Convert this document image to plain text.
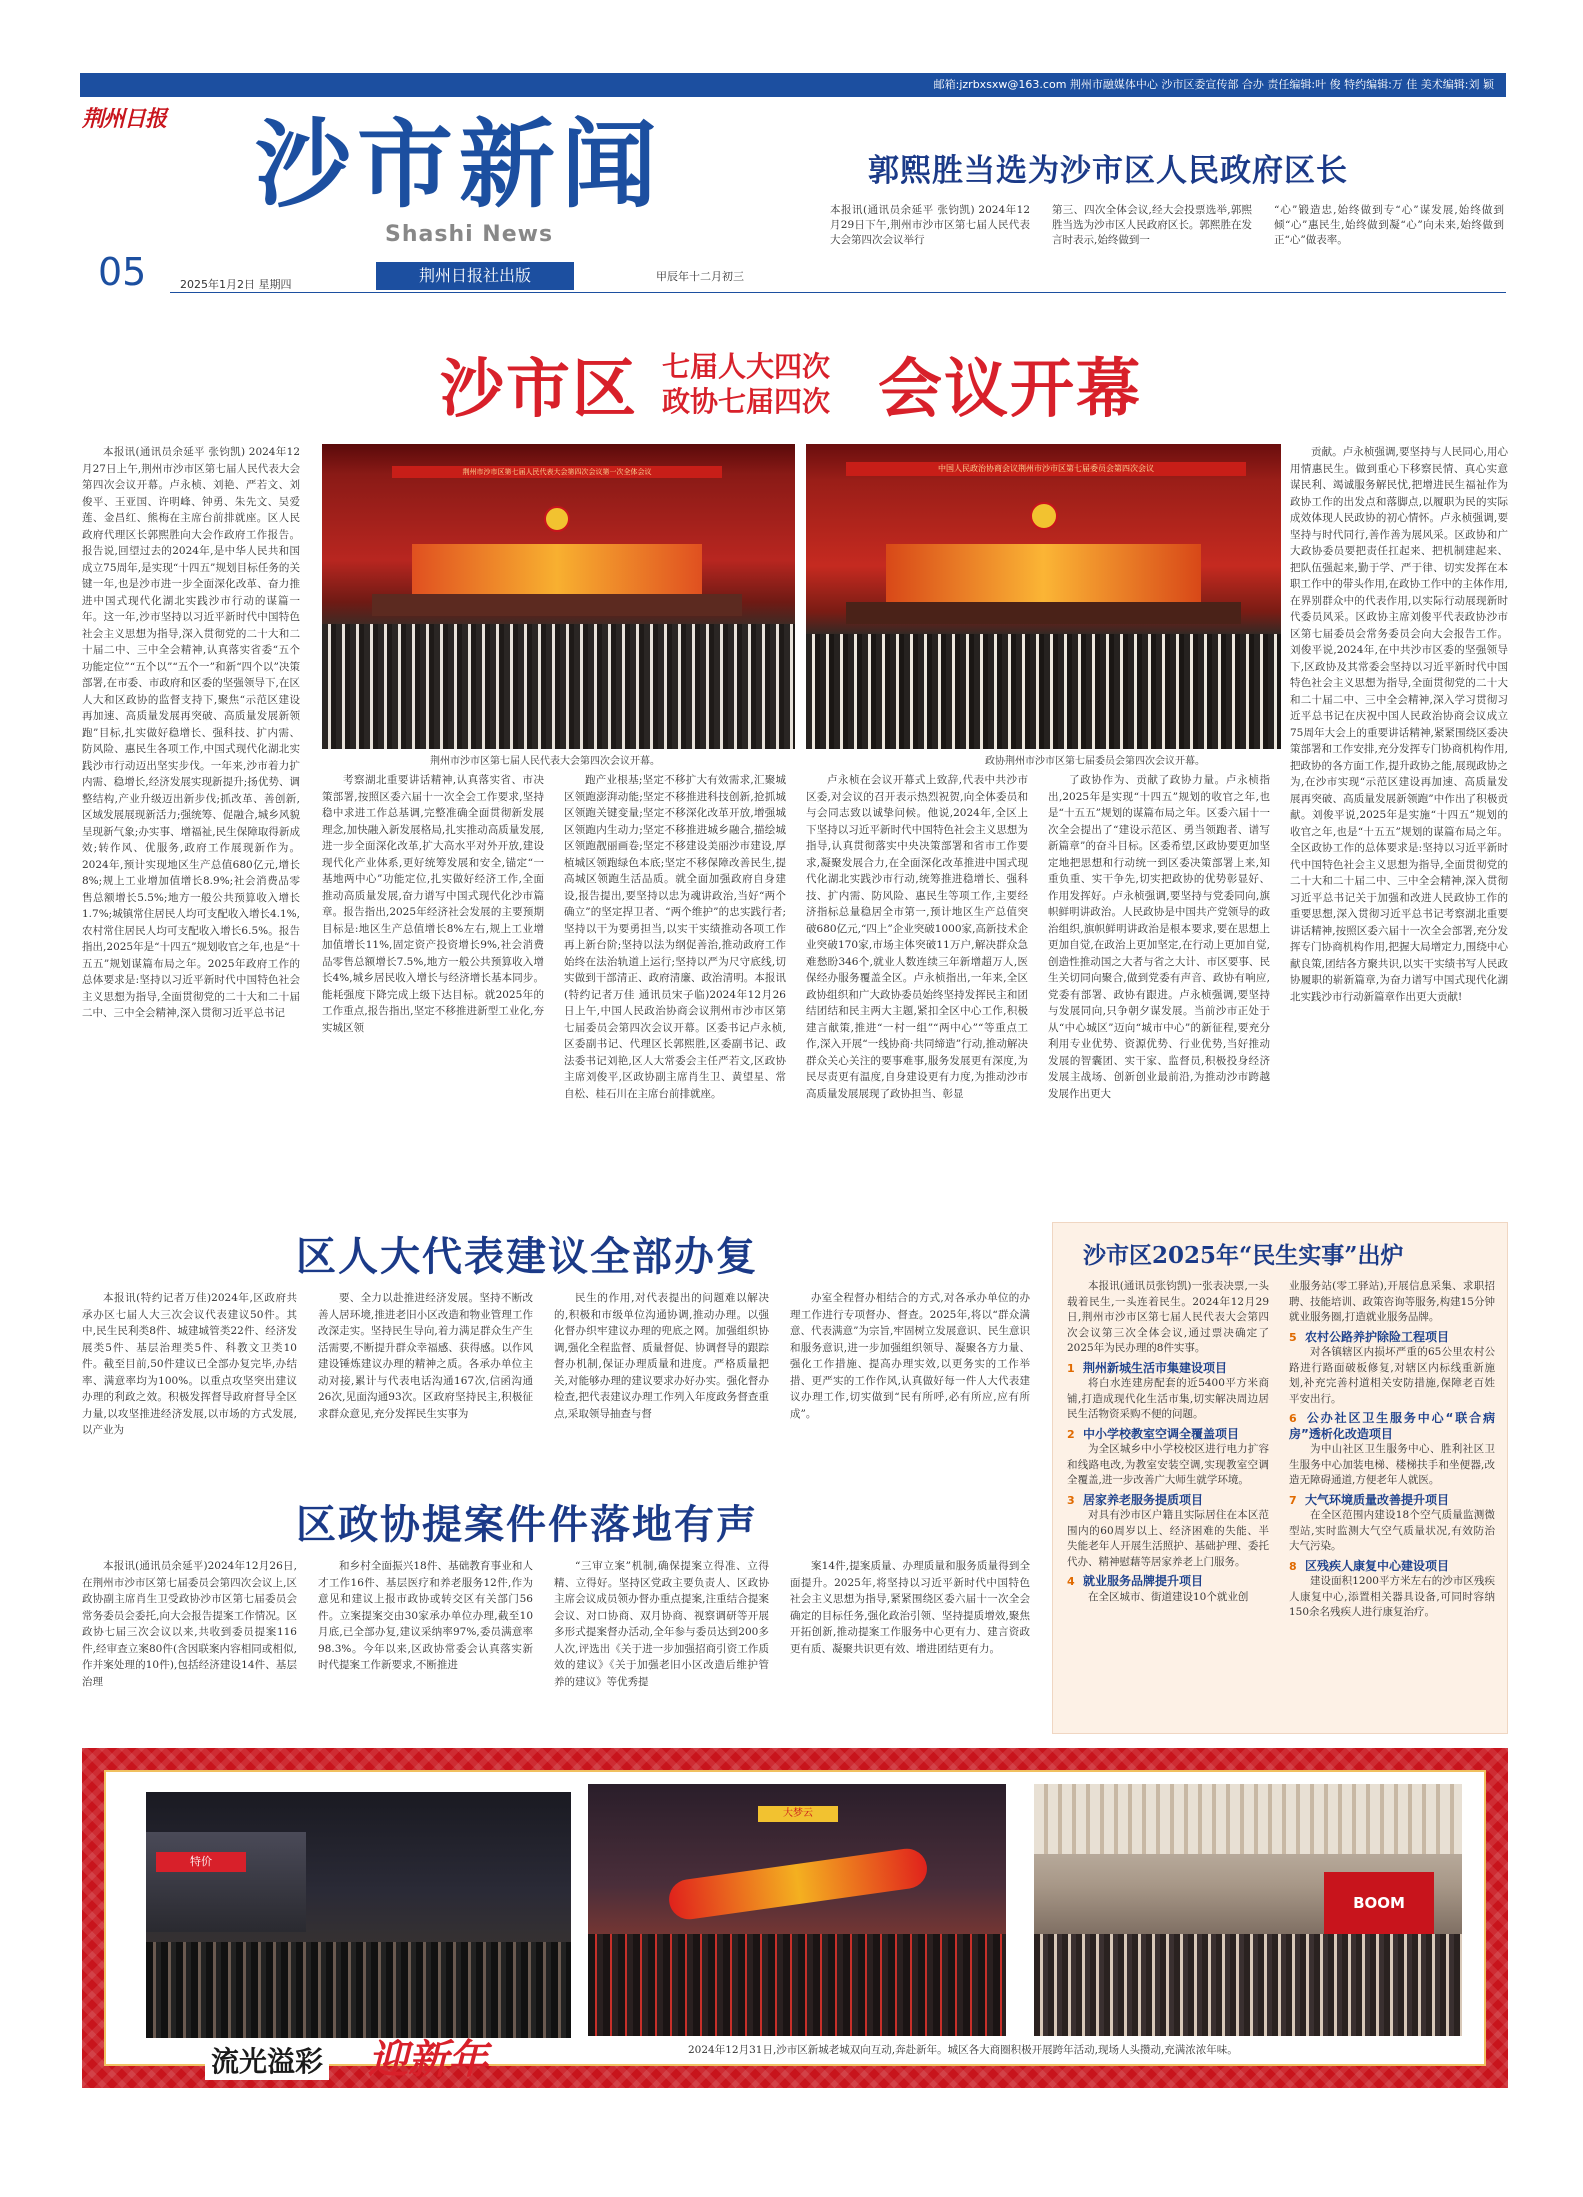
邮箱:jzrbxsxw@163.com 荆州市融媒体中心 沙市区委宣传部 合办 责任编辑:叶 俊 特约编辑:万 佳 美术编辑:刘 颖
荆州日报 沙市新闻
Shashi News
05	2025年1月2日 星期四	荆州日报社出版	甲辰年十二月初三
郭熙胜当选为沙市区人民政府区长
本报讯(通讯员余延平 张钧凯) 2024年12月29日下午,荆州市沙市区第七届人民代表大会第四次会议举行
第三、四次全体会议,经大会投票选举,郭熙胜当选为沙市区人民政府区长。郭熙胜在发言时表示,始终做到一
“心”锻造忠,始终做到专“心”谋发展,始终做到倾“心”惠民生,始终做到凝“心”向未来,始终做到正“心”做表率。
沙市区 七届人大四次
政协七届四次 会议开幕
荆州市沙市区第七届人民代表大会第四次会议第一次全体会议
荆州市沙市区第七届人民代表大会第四次会议开幕。
中国人民政治协商会议荆州市沙市区第七届委员会第四次会议
政协荆州市沙市区第七届委员会第四次会议开幕。

本报讯(通讯员余延平 张钧凯) 2024年12月27日上午,荆州市沙市区第七届人民代表大会第四次会议开幕。卢永桢、刘艳、严若文、刘俊平、王亚国、许明峰、钟勇、朱先文、吴爱莲、金昌红、熊梅在主席台前排就座。区人民政府代理区长郭熙胜向大会作政府工作报告。报告说,回望过去的2024年,是中华人民共和国成立75周年,是实现“十四五”规划目标任务的关键一年,也是沙市进一步全面深化改革、奋力推进中国式现代化湖北实践沙市行动的谋篇一年。这一年,沙市坚持以习近平新时代中国特色社会主义思想为指导,深入贯彻党的二十大和二十届二中、三中全会精神,认真落实省委“五个功能定位”“五个以”“五个一”和新“四个以”决策部署,在市委、市政府和区委的坚强领导下,在区人大和区政协的监督支持下,聚焦“示范区建设再加速、高质量发展再突破、高质量发展新领跑”目标,扎实做好稳增长、强科技、扩内需、防风险、惠民生各项工作,中国式现代化湖北实践沙市行动迈出坚实步伐。一年来,沙市着力扩内需、稳增长,经济发展实现新提升;扬优势、调整结构,产业升级迈出新步伐;抓改革、善创新,区域发展展现新活力;强统筹、促融合,城乡风貌呈现新气象;办实事、增福祉,民生保障取得新成效;转作风、优服务,政府工作展现新作为。2024年,预计实现地区生产总值680亿元,增长8%;规上工业增加值增长8.9%;社会消费品零售总额增长5.5%;地方一般公共预算收入增长1.7%;城镇常住居民人均可支配收入增长4.1%,农村常住居民人均可支配收入增长6.5%。报告指出,2025年是“十四五”规划收官之年,也是“十五五”规划谋篇布局之年。2025年政府工作的总体要求是:坚持以习近平新时代中国特色社会主义思想为指导,全面贯彻党的二十大和二十届二中、三中全会精神,深入贯彻习近平总书记

考察湖北重要讲话精神,认真落实省、市决策部署,按照区委六届十一次全会工作要求,坚持稳中求进工作总基调,完整准确全面贯彻新发展理念,加快融入新发展格局,扎实推动高质量发展,进一步全面深化改革,扩大高水平对外开放,建设现代化产业体系,更好统筹发展和安全,锚定“一基地两中心”功能定位,扎实做好经济工作,全面推动高质量发展,奋力谱写中国式现代化沙市篇章。报告指出,2025年经济社会发展的主要预期目标是:地区生产总值增长8%左右,规上工业增加值增长11%,固定资产投资增长9%,社会消费品零售总额增长7.5%,地方一般公共预算收入增长4%,城乡居民收入增长与经济增长基本同步。能耗强度下降完成上级下达目标。就2025年的工作重点,报告指出,坚定不移推进新型工业化,夯实城区领

跑产业根基;坚定不移扩大有效需求,汇聚城区领跑澎湃动能;坚定不移推进科技创新,抢抓城区领跑关键变量;坚定不移深化改革开放,增强城区领跑内生动力;坚定不移推进城乡融合,描绘城区领跑靓丽画卷;坚定不移建设美丽沙市建设,厚植城区领跑绿色本底;坚定不移保障改善民生,提高城区领跑生活品质。就全面加强政府自身建设,报告提出,要坚持以忠为魂讲政治,当好“两个确立”的坚定捍卫者、“两个维护”的忠实践行者;坚持以干为要勇担当,以实干实绩推动各项工作再上新台阶;坚持以法为纲促善治,推动政府工作始终在法治轨道上运行;坚持以严为尺守底线,切实做到干部清正、政府清廉、政治清明。本报讯(特约记者万佳 通讯员宋子临)2024年12月26日上午,中国人民政治协商会议荆州市沙市区第七届委员会第四次会议开幕。区委书记卢永桢,区委副书记、代理区长郭熙胜,区委副书记、政法委书记刘艳,区人大常委会主任严若文,区政协主席刘俊平,区政协副主席肖生卫、黄望星、常自松、桂石川在主席台前排就座。

卢永桢在会议开幕式上致辞,代表中共沙市区委,对会议的召开表示热烈祝贺,向全体委员和与会同志致以诚挚问候。他说,2024年,全区上下坚持以习近平新时代中国特色社会主义思想为指导,认真贯彻落实中央决策部署和省市工作要求,凝聚发展合力,在全面深化改革推进中国式现代化湖北实践沙市行动,统筹推进稳增长、强科技、扩内需、防风险、惠民生等项工作,主要经济指标总量稳居全市第一,预计地区生产总值突破680亿元,“四上”企业突破1000家,高新技术企业突破170家,市场主体突破11万户,解决群众急难愁盼346个,就业人数连续三年新增超万人,医保经办服务覆盖全区。卢永桢指出,一年来,全区政协组织和广大政协委员始终坚持发挥民主和团结团结和民主两大主题,紧扣全区中心工作,积极建言献策,推进“一村一组”“两中心”“等重点工作,深入开展“一线协商·共同缔造”行动,推动解决群众关心关注的要事难事,服务发展更有深度,为民尽责更有温度,自身建设更有力度,为推动沙市高质量发展展现了政协担当、彰显

了政协作为、贡献了政协力量。卢永桢指出,2025年是实现“十四五”规划的收官之年,也是“十五五”规划的谋篇布局之年。区委六届十一次全会提出了“建设示范区、勇当领跑者、谱写新篇章”的奋斗目标。区委希望,区政协要更加坚定地把思想和行动统一到区委决策部署上来,知重负重、实干争先,切实把政协的优势彰显好、作用发挥好。卢永桢强调,要坚持与党委同向,旗帜鲜明讲政治。人民政协是中国共产党领导的政治组织,旗帜鲜明讲政治是根本要求,要在思想上更加自觉,在政治上更加坚定,在行动上更加自觉,创造性推动国之大者与省之大计、市区要事、民生关切同向聚合,做到党委有声音、政协有响应,党委有部署、政协有跟进。卢永桢强调,要坚持与发展同向,只争朝夕谋发展。当前沙市正处于从“中心城区”迈向“城市中心”的新征程,要充分利用专业优势、资源优势、行业优势,当好推动发展的智囊团、实干家、监督员,积极投身经济发展主战场、创新创业最前沿,为推动沙市跨越发展作出更大

贡献。卢永桢强调,要坚持与人民同心,用心用情惠民生。做到重心下移察民情、真心实意谋民利、竭诚服务解民忧,把增进民生福祉作为政协工作的出发点和落脚点,以履职为民的实际成效体现人民政协的初心情怀。卢永桢强调,要坚持与时代同行,善作善为展风采。区政协和广大政协委员要把责任扛起来、把机制建起来、把队伍强起来,勤于学、严于律、切实发挥在本职工作中的带头作用,在政协工作中的主体作用,在界别群众中的代表作用,以实际行动展现新时代委员风采。区政协主席刘俊平代表政协沙市区第七届委员会常务委员会向大会报告工作。刘俊平说,2024年,在中共沙市区委的坚强领导下,区政协及其常委会坚持以习近平新时代中国特色社会主义思想为指导,全面贯彻党的二十大和二十届二中、三中全会精神,深入学习贯彻习近平总书记在庆祝中国人民政治协商会议成立75周年大会上的重要讲话精神,紧紧围绕区委决策部署和工作安排,充分发挥专门协商机构作用,把政协的各方面工作,提升政协之能,展现政协之为,在沙市实现“示范区建设再加速、高质量发展再突破、高质量发展新领跑”中作出了积极贡献。刘俊平说,2025年是实施“十四五”规划的收官之年,也是“十五五”规划的谋篇布局之年。全区政协工作的总体要求是:坚持以习近平新时代中国特色社会主义思想为指导,全面贯彻党的二十大和二十届二中、三中全会精神,深入贯彻习近平总书记关于加强和改进人民政协工作的重要思想,深入贯彻习近平总书记考察湖北重要讲话精神,按照区委六届十一次全会部署,充分发挥专门协商机构作用,把握大局增定力,围绕中心献良策,团结各方聚共识,以实干实绩书写人民政协履职的崭新篇章,为奋力谱写中国式现代化湖北实践沙市行动新篇章作出更大贡献!

区人大代表建议全部办复

本报讯(特约记者万佳)2024年,区政府共承办区七届人大三次会议代表建议50件。其中,民生民利类8件、城建城管类22件、经济发展类5件、基层治理类5件、科教文卫类10件。截至目前,50件建议已全部办复完毕,办结率、满意率均为100%。以重点攻坚突出建议办理的利政之效。积极发挥督导政府督导全区力量,以攻坚推进经济发展,以市场的方式发展,以产业为

要、全力以赴推进经济发展。坚持不断改善人居环境,推进老旧小区改造和物业管理工作改深走实。坚持民生导向,着力满足群众生产生活需要,不断提升群众幸福感、获得感。以作风建设锤炼建议办理的精神之质。各承办单位主动对接,累计与代表电话沟通167次,信函沟通26次,见面沟通93次。区政府坚持民主,积极征求群众意见,充分发挥民生实事为

民生的作用,对代表提出的问题难以解决的,积极和市级单位沟通协调,推动办理。以强化督办织牢建议办理的兜底之网。加强组织协调,强化全程监督、质量督促、协调督导的跟踪督办机制,保证办理质量和进度。严格质量把关,对能够办理的建议要求办好办实。强化督办检查,把代表建议办理工作列入年度政务督查重点,采取领导抽查与督

办室全程督办相结合的方式,对各承办单位的办理工作进行专项督办、督查。2025年,将以“群众满意、代表满意”为宗旨,牢固树立发展意识、民生意识和服务意识,进一步加强组织领导、凝聚各方力量、强化工作措施、提高办理实效,以更务实的工作举措、更严实的工作作风,认真做好每一件人大代表建议办理工作,切实做到“民有所呼,必有所应,应有所成”。

区政协提案件件落地有声

本报讯(通讯员余延平)2024年12月26日,在荆州市沙市区第七届委员会第四次会议上,区政协副主席肖生卫受政协沙市区第七届委员会常务委员会委托,向大会报告提案工作情况。区政协七届三次会议以来,共收到委员提案116件,经审查立案80件(含因联案内容相同或相似,作并案处理的10件),包括经济建设14件、基层治理

和乡村全面振兴18件、基础教育事业和人才工作16件、基层医疗和养老服务12件,作为意见和建议上报市政协或转交区有关部门56件。立案提案交由30家承办单位办理,截至10月底,已全部办复,建议采纳率97%,委员满意率98.3%。今年以来,区政协常委会认真落实新时代提案工作新要求,不断推进

“三审立案”机制,确保提案立得准、立得精、立得好。坚持区党政主要负责人、区政协主席会议成员领办督办重点提案,注重结合提案会议、对口协商、双月协商、视察调研等开展多形式提案督办活动,全年参与委员达到200多人次,评选出《关于进一步加强招商引资工作质效的建议》《关于加强老旧小区改造后维护管养的建议》等优秀提

案14件,提案质量、办理质量和服务质量得到全面提升。2025年,将坚持以习近平新时代中国特色社会主义思想为指导,紧紧围绕区委六届十一次全会确定的目标任务,强化政治引领、坚持提质增效,聚焦开拓创新,推动提案工作服务中心更有力、建言资政更有质、凝聚共识更有效、增进团结更有力。

沙市区2025年“民生实事”出炉

本报讯(通讯员张钧凯)一张表决票,一头载着民生,一头连着民生。2024年12月29日,荆州市沙市区第七届人民代表大会第四次会议第三次全体会议,通过票决确定了2025年为民办理的8件实事。

1 荆州新城生活市集建设项目

将白水连建房配套的近5400平方米商铺,打造成现代化生活市集,切实解决周边居民生活物资采购不便的问题。

2 中小学校教室空调全覆盖项目

为全区城乡中小学校校区进行电力扩容和线路电改,为教室安装空调,实现教室空调全覆盖,进一步改善广大师生就学环境。

3 居家养老服务提质项目

对具有沙市区户籍且实际居住在本区范围内的60周岁以上、经济困难的失能、半失能老年人开展生活照护、基础护理、委托代办、精神慰藉等居家养老上门服务。

4 就业服务品牌提升项目

在全区城市、街道建设10个就业创

业服务站(零工驿站),开展信息采集、求职招聘、技能培训、政策咨询等服务,构建15分钟就业服务圈,打造就业服务品牌。

5 农村公路养护除险工程项目

对各镇辖区内损坏严重的65公里农村公路进行路面破板修复,对辖区内标线重新施划,补充完善村道相关安防措施,保障老百姓平安出行。

6 公办社区卫生服务中心“联合病房”透析化改造项目

为中山社区卫生服务中心、胜利社区卫生服务中心加装电梯、楼梯扶手和坐便器,改造无障碍通道,方便老年人就医。

7 大气环境质量改善提升项目

在全区范围内建设18个空气质量监测微型站,实时监测大气空气质量状况,有效防治大气污染。

8 区残疾人康复中心建设项目

建设面积1200平方米左右的沙市区残疾人康复中心,添置相关器具设备,可同时容纳150余名残疾人进行康复治疗。

特价
流光溢彩 迎新年
大梦云
BOOM
2024年12月31日,沙市区新城老城双向互动,奔赴新年。城区各大商圈积极开展跨年活动,现场人头攒动,充满浓浓年味。
